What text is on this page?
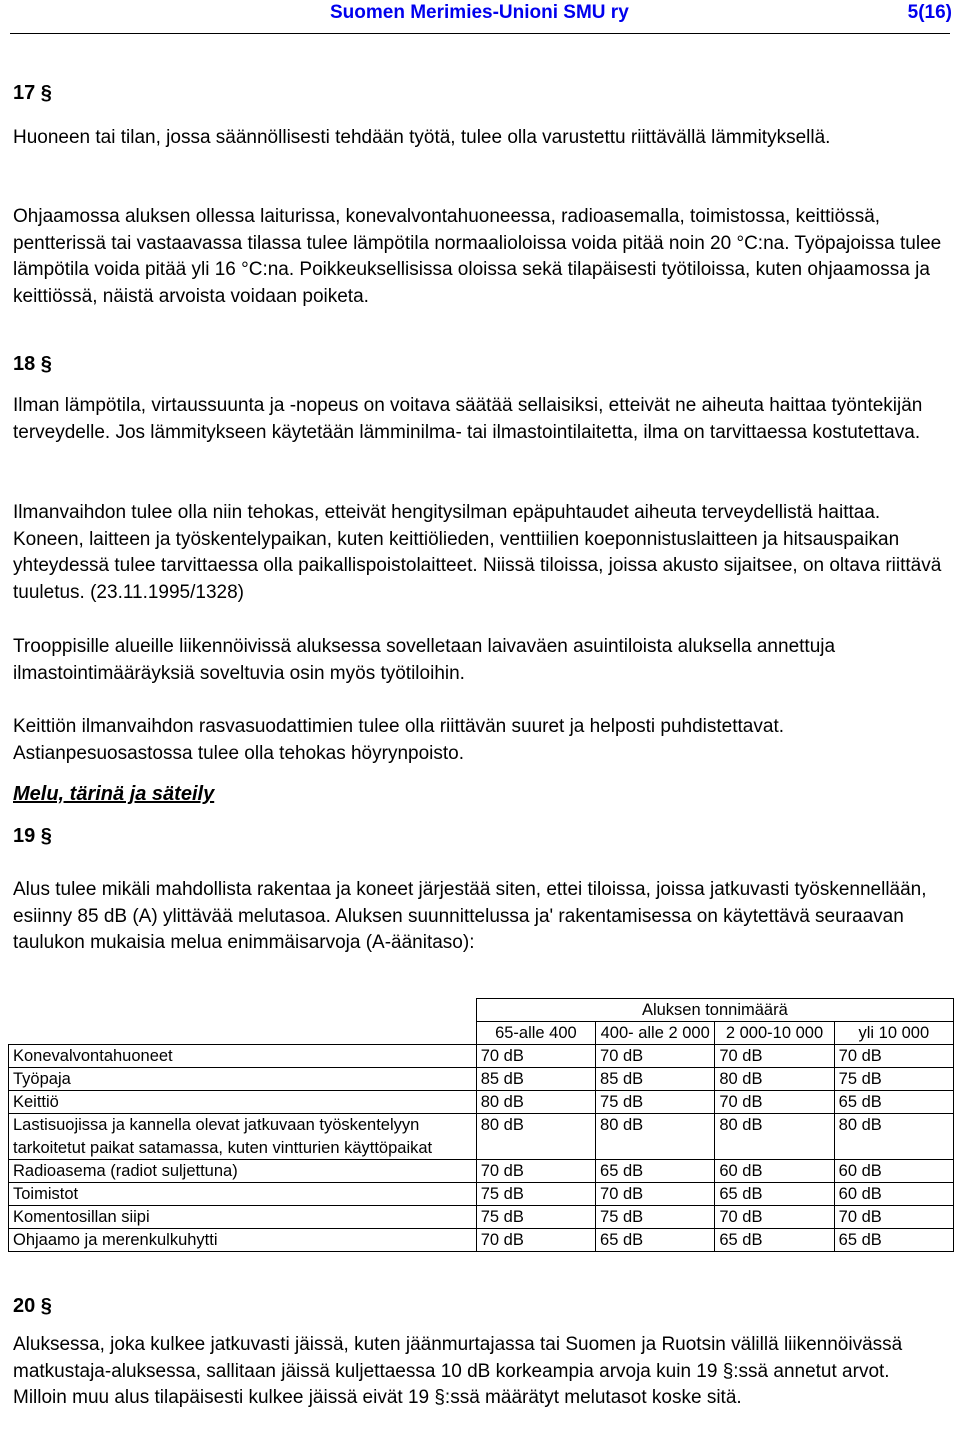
Suomen Merimies-Unioni SMU ry	5(16)

17 §

Huoneen tai tilan, jossa säännöllisesti tehdään työtä, tulee olla varustettu riittävällä lämmityksellä.

Ohjaamossa aluksen ollessa laiturissa, konevalvontahuoneessa, radioasemalla, toimistossa, keittiössä, pentterissä tai vastaavassa tilassa tulee lämpötila normaalioloissa voida pitää noin 20 °C:na. Työpajoissa tulee lämpötila voida pitää yli 16 °C:na. Poikkeuksellisissa oloissa sekä tilapäisesti työtiloissa, kuten ohjaamossa ja keittiössä, näistä arvoista voidaan poiketa.

18 §

Ilman lämpötila, virtaussuunta ja -nopeus on voitava säätää sellaisiksi, etteivät ne aiheuta haittaa työntekijän terveydelle. Jos lämmitykseen käytetään lämminilma- tai ilmastointilaitetta, ilma on tarvittaessa kostutettava.

Ilmanvaihdon tulee olla niin tehokas, etteivät hengitysilman epäpuhtaudet aiheuta terveydellistä haittaa. Koneen, laitteen ja työskentelypaikan, kuten keittiölieden, venttiilien koeponnistuslaitteen ja hitsauspaikan yhteydessä tulee tarvittaessa olla paikallispoistolaitteet. Niissä tiloissa, joissa akusto sijaitsee, on oltava riittävä tuuletus. (23.11.1995/1328)

Trooppisille alueille liikennöivissä aluksessa sovelletaan laivaväen asuintiloista aluksella annettuja ilmastointimääräyksiä soveltuvia osin myös työtiloihin.

Keittiön ilmanvaihdon rasvasuodattimien tulee olla riittävän suuret ja helposti puhdistettavat. Astianpesuosastossa tulee olla tehokas höyrynpoisto.

Melu, tärinä ja säteily

19 §

Alus tulee mikäli mahdollista rakentaa ja koneet järjestää siten, ettei tiloissa, joissa jatkuvasti työskennellään, esiinny 85 dB (A) ylittävää melutasoa. Aluksen suunnittelussa ja' rakentamisessa on käytettävä seuraavan taulukon mukaisia melua enimmäisarvoja (A-äänitaso):

	Aluksen tonnimäärä			
	65-alle 400	400- alle 2 000	2 000-10 000	yli 10 000
Konevalvontahuoneet	70 dB	70 dB	70 dB	70 dB
Työpaja	85 dB	85 dB	80 dB	75 dB
Keittiö	80 dB	75 dB	70 dB	65 dB
Lastisuojissa ja kannella olevat jatkuvaan työskentelyyn tarkoitetut paikat satamassa, kuten vintturien käyttöpaikat	80 dB	80 dB	80 dB	80 dB
Radioasema (radiot suljettuna)	70 dB	65 dB	60 dB	60 dB
Toimistot	75 dB	70 dB	65 dB	60 dB
Komentosillan siipi	75 dB	75 dB	70 dB	70 dB
Ohjaamo ja merenkulkuhytti	70 dB	65 dB	65 dB	65 dB

20 §

Aluksessa, joka kulkee jatkuvasti jäissä, kuten jäänmurtajassa tai Suomen ja Ruotsin välillä liikennöivässä matkustaja-aluksessa, sallitaan jäissä kuljettaessa 10 dB korkeampia arvoja kuin 19 §:ssä annetut arvot. Milloin muu alus tilapäisesti kulkee jäissä eivät 19 §:ssä määrätyt melutasot koske sitä.
